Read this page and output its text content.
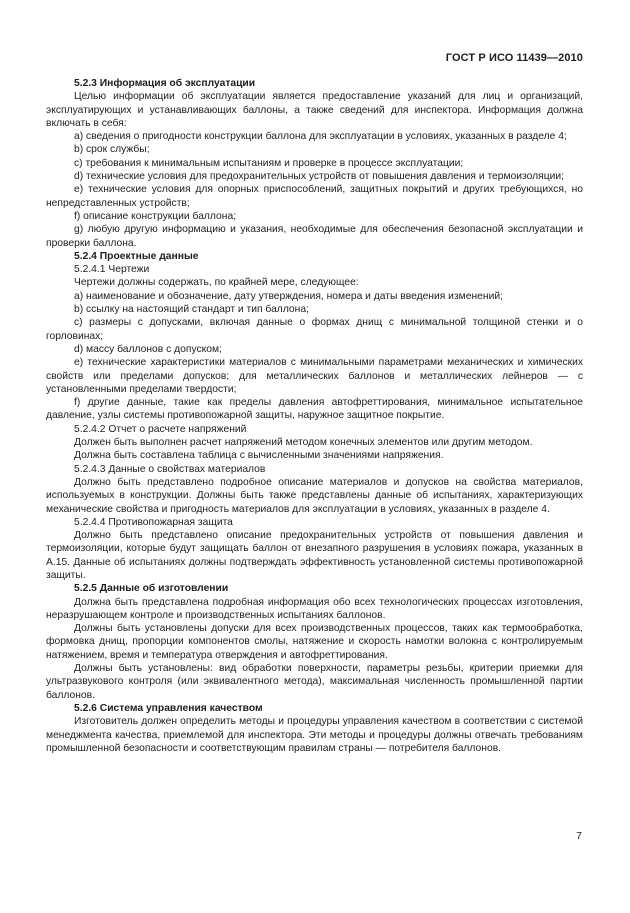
ГОСТ Р ИСО 11439—2010

5.2.3 Информация об эксплуатации

Целью информации об эксплуатации является предоставление указаний для лиц и организаций, эксплуатирующих и устанавливающих баллоны, а также сведений для инспектора. Информация должна включать в себя:

a) сведения о пригодности конструкции баллона для эксплуатации в условиях, указанных в разделе 4;

b) срок службы;

c) требования к минимальным испытаниям и проверке в процессе эксплуатации;

d) технические условия для предохранительных устройств от повышения давления и термоизоляции;

e) технические условия для опорных приспособлений, защитных покрытий и других требующихся, но непредставленных устройств;

f) описание конструкции баллона;

g) любую другую информацию и указания, необходимые для обеспечения безопасной эксплуатации и проверки баллона.

5.2.4 Проектные данные

5.2.4.1 Чертежи

Чертежи должны содержать, по крайней мере, следующее:

a) наименование и обозначение, дату утверждения, номера и даты введения изменений;

b) ссылку на настоящий стандарт и тип баллона;

c) размеры с допусками, включая данные о формах днищ с минимальной толщиной стенки и о горловинах;

d) массу баллонов с допуском;

e) технические характеристики материалов с минимальными параметрами механических и химических свойств или пределами допусков; для металлических баллонов и металлических лейнеров — с установленными пределами твердости;

f) другие данные, такие как пределы давления автофреттирования, минимальное испытательное давление, узлы системы противопожарной защиты, наружное защитное покрытие.

5.2.4.2 Отчет о расчете напряжений

Должен быть выполнен расчет напряжений методом конечных элементов или другим методом.

Должна быть составлена таблица с вычисленными значениями напряжения.

5.2.4.3 Данные о свойствах материалов

Должно быть представлено подробное описание материалов и допусков на свойства материалов, используемых в конструкции. Должны быть также представлены данные об испытаниях, характеризующих механические свойства и пригодность материалов для эксплуатации в условиях, указанных в разделе 4.

5.2.4.4 Противопожарная защита

Должно быть представлено описание предохранительных устройств от повышения давления и термоизоляции, которые будут защищать баллон от внезапного разрушения в условиях пожара, указанных в А.15. Данные об испытаниях должны подтверждать эффективность установленной системы противопожарной защиты.

5.2.5 Данные об изготовлении

Должна быть представлена подробная информация обо всех технологических процессах изготовления, неразрушающем контроле и производственных испытаниях баллонов.

Должны быть установлены допуски для всех производственных процессов, таких как термообработка, формовка днищ, пропорции компонентов смолы, натяжение и скорость намотки волокна с контролируемым натяжением, время и температура отверждения и автофреттирования.

Должны быть установлены: вид обработки поверхности, параметры резьбы, критерии приемки для ультразвукового контроля (или эквивалентного метода), максимальная численность промышленной партии баллонов.

5.2.6 Система управления качеством

Изготовитель должен определить методы и процедуры управления качеством в соответствии с системой менеджмента качества, приемлемой для инспектора. Эти методы и процедуры должны отвечать требованиям промышленной безопасности и соответствующим правилам страны — потребителя баллонов.

7
